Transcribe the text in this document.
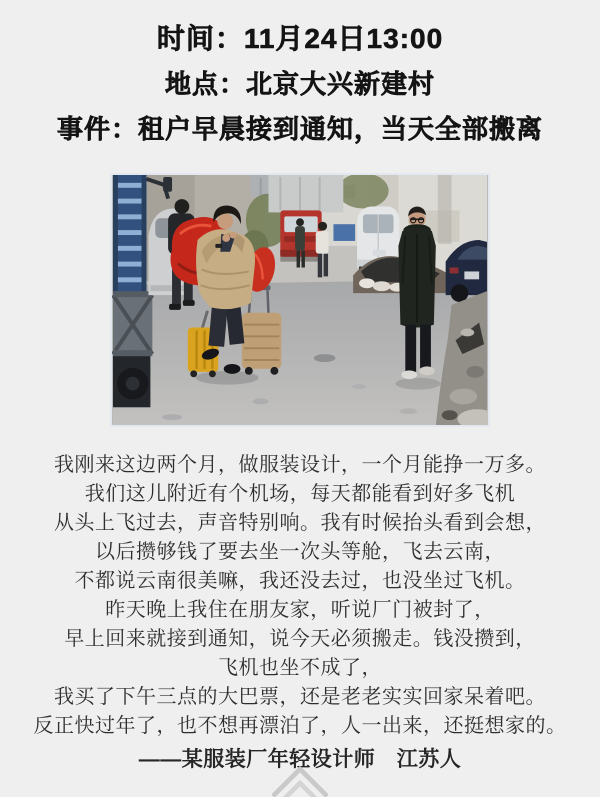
时间：11月24日13:00
地点：北京大兴新建村
事件：租户早晨接到通知，当天全部搬离
我刚来这边两个月，做服装设计，一个月能挣一万多。
我们这儿附近有个机场，每天都能看到好多飞机
从头上飞过去，声音特别响。我有时候抬头看到会想，
以后攒够钱了要去坐一次头等舱，飞去云南，
不都说云南很美嘛，我还没去过，也没坐过飞机。
昨天晚上我住在朋友家，听说厂门被封了，
早上回来就接到通知，说今天必须搬走。钱没攒到，
飞机也坐不成了，
我买了下午三点的大巴票，还是老老实实回家呆着吧。
反正快过年了，也不想再漂泊了，人一出来，还挺想家的。
——某服装厂年轻设计师　江苏人
